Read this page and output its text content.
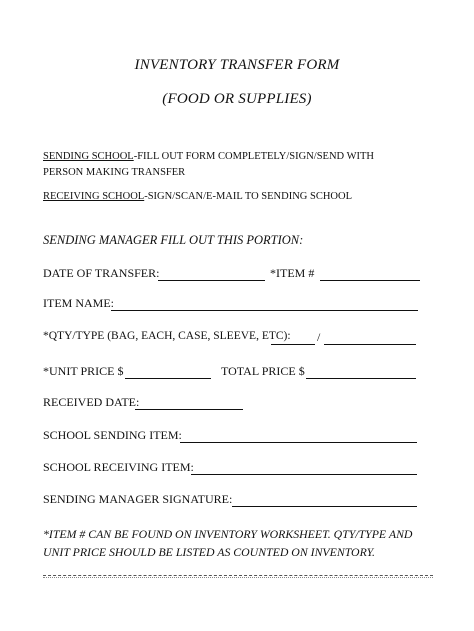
INVENTORY TRANSFER FORM
(FOOD OR SUPPLIES)
SENDING SCHOOL-FILL OUT FORM COMPLETELY/SIGN/SEND WITH PERSON MAKING TRANSFER
RECEIVING SCHOOL-SIGN/SCAN/E-MAIL TO SENDING SCHOOL
SENDING MANAGER FILL OUT THIS PORTION:
DATE OF TRANSFER:	*ITEM #
ITEM NAME:
*QTY/TYPE (BAG, EACH, CASE, SLEEVE, ETC): /
*UNIT PRICE $	TOTAL PRICE $
RECEIVED DATE:
SCHOOL SENDING ITEM:
SCHOOL RECEIVING ITEM:
SENDING MANAGER SIGNATURE:
*ITEM # CAN BE FOUND ON INVENTORY WORKSHEET. QTY/TYPE AND UNIT PRICE SHOULD BE LISTED AS COUNTED ON INVENTORY.
